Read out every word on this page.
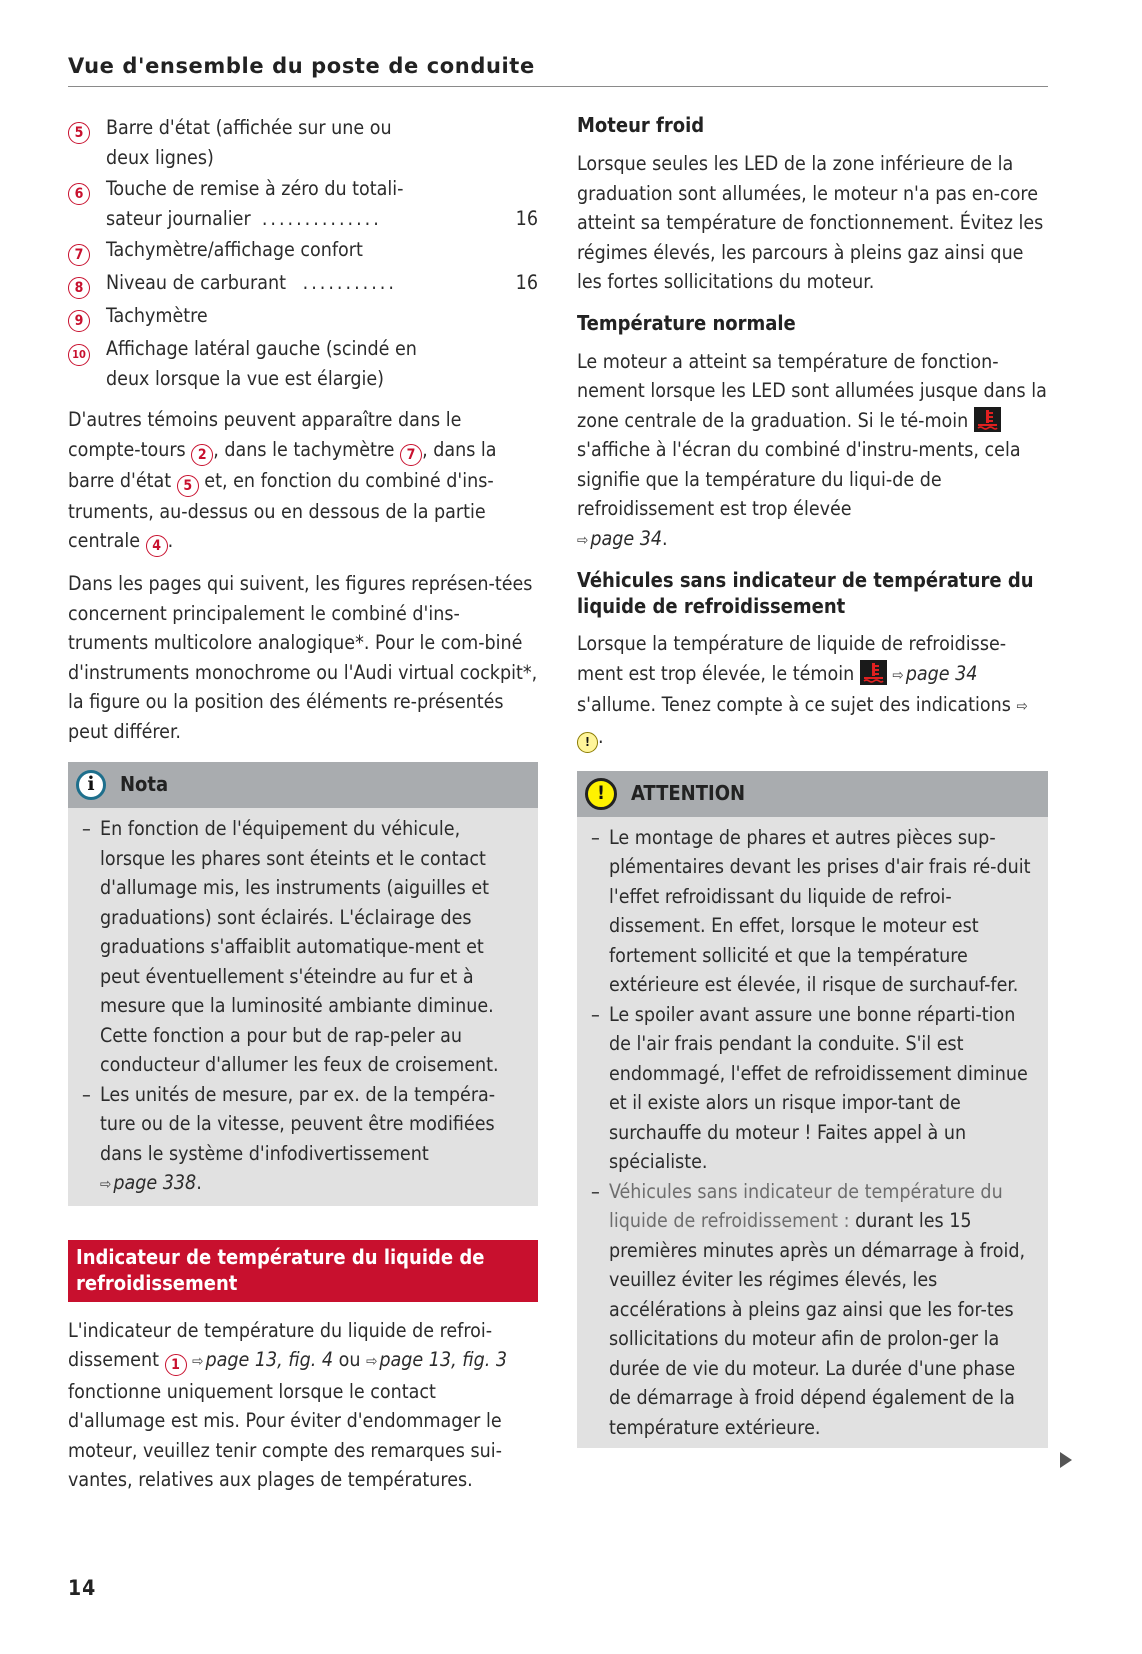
Vue d'ensemble du poste de conduite
5	Barre d'état (affichée sur une ou
deux lignes)
6	Touche de remise à zéro du totali-
sateur journalier ..............	16
7	Tachymètre/affichage confort
8	Niveau de carburant ...........	16
9	Tachymètre
10	Affichage latéral gauche (scindé en
deux lorsque la vue est élargie)

D'autres témoins peuvent apparaître dans le compte-tours 2 , dans le tachymètre 7 , dans la barre d'état 5 et, en fonction du combiné d'ins-truments, au-dessus ou en dessous de la partie centrale 4 .

Dans les pages qui suivent, les figures représen-tées concernent principalement le combiné d'ins-truments multicolore analogique*. Pour le com-biné d'instruments monochrome ou l'Audi virtual cockpit*, la figure ou la position des éléments re-présentés peut différer.

i	Nota
– En fonction de l'équipement du véhicule, lorsque les phares sont éteints et le contact d'allumage mis, les instruments (aiguilles et graduations) sont éclairés. L'éclairage des graduations s'affaiblit automatique-ment et peut éventuellement s'éteindre au fur et à mesure que la luminosité ambiante diminue. Cette fonction a pour but de rap-peler au conducteur d'allumer les feux de croisement.
– Les unités de mesure, par ex. de la tempéra-ture ou de la vitesse, peuvent être modifiées dans le système d'infodivertissement
⇨ page 338.
Indicateur de température du liquide de refroidissement

L'indicateur de température du liquide de refroi-dissement 1 ⇨ page 13, fig. 4 ou ⇨ page 13, fig. 3 fonctionne uniquement lorsque le contact d'allumage est mis. Pour éviter d'endommager le moteur, veuillez tenir compte des remarques sui-vantes, relatives aux plages de températures.

Moteur froid

Lorsque seules les LED de la zone inférieure de la graduation sont allumées, le moteur n'a pas en-core atteint sa température de fonctionnement. Évitez les régimes élevés, les parcours à pleins gaz ainsi que les fortes sollicitations du moteur.

Température normale

Le moteur a atteint sa température de fonction-nement lorsque les LED sont allumées jusque dans la zone centrale de la graduation. Si le té-moin
s'affiche à l'écran du combiné d'instru-ments, cela signifie que la température du liqui-de de refroidissement est trop élevée
⇨ page 34.

Véhicules sans indicateur de température du liquide de refroidissement

Lorsque la température de liquide de refroidisse-ment est trop élevée, le témoin
⇨ page 34 s'allume. Tenez compte à ce sujet des indications ⇨! .

!	ATTENTION
– Le montage de phares et autres pièces sup-plémentaires devant les prises d'air frais ré-duit l'effet refroidissant du liquide de refroi-dissement. En effet, lorsque le moteur est fortement sollicité et que la température extérieure est élevée, il risque de surchauf-fer.
– Le spoiler avant assure une bonne réparti-tion de l'air frais pendant la conduite. S'il est endommagé, l'effet de refroidissement diminue et il existe alors un risque impor-tant de surchauffe du moteur ! Faites appel à un spécialiste.
– Véhicules sans indicateur de température du liquide de refroidissement : durant les 15 premières minutes après un démarrage à froid, veuillez éviter les régimes élevés, les accélérations à pleins gaz ainsi que les for-tes sollicitations du moteur afin de prolon-ger la durée de vie du moteur. La durée d'une phase de démarrage à froid dépend également de la température extérieure.
14
